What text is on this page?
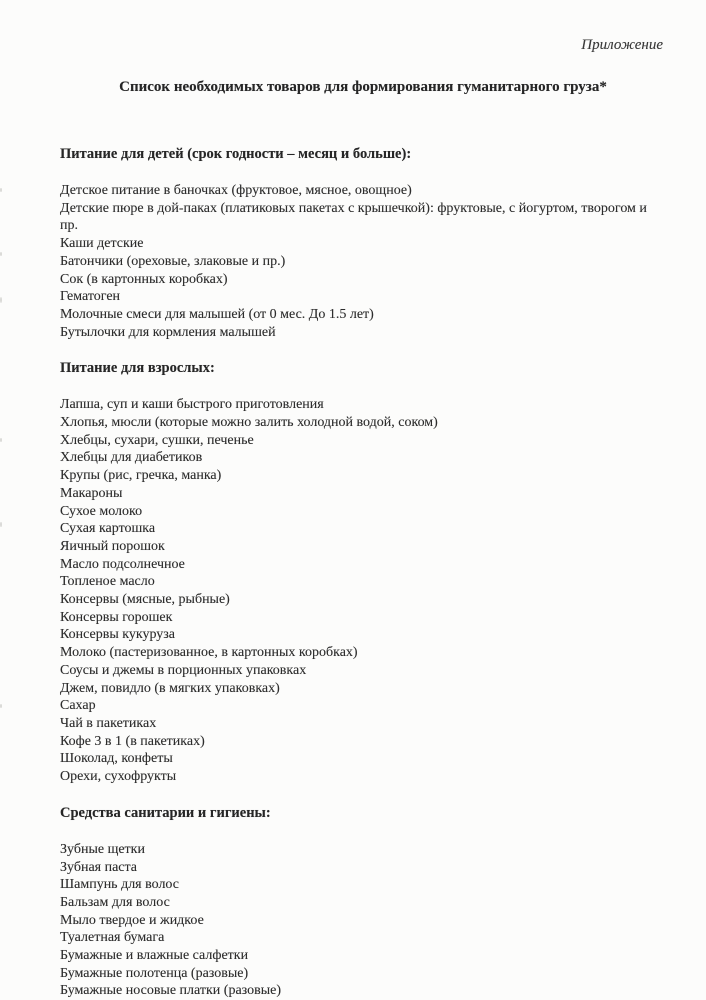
Приложение
Список необходимых товаров для формирования гуманитарного груза*
Питание для детей (срок годности – месяц и больше):
Детское питание в баночках (фруктовое, мясное, овощное)
Детские пюре в дой-паках (платиковых пакетах с крышечкой): фруктовые, с йогуртом, творогом и пр.
Каши детские
Батончики (ореховые, злаковые и пр.)
Сок (в картонных коробках)
Гематоген
Молочные смеси для малышей (от 0 мес. До 1.5 лет)
Бутылочки для кормления малышей
Питание для взрослых:
Лапша, суп и каши быстрого приготовления
Хлопья, мюсли (которые можно залить холодной водой, соком)
Хлебцы, сухари, сушки, печенье
Хлебцы для диабетиков
Крупы (рис, гречка, манка)
Макароны
Сухое молоко
Сухая картошка
Яичный порошок
Масло подсолнечное
Топленое масло
Консервы (мясные, рыбные)
Консервы горошек
Консервы кукуруза
Молоко (пастеризованное, в картонных коробках)
Соусы и джемы в порционных упаковках
Джем, повидло (в мягких упаковках)
Сахар
Чай в пакетиках
Кофе 3 в 1 (в пакетиках)
Шоколад, конфеты
Орехи, сухофрукты
Средства санитарии и гигиены:
Зубные щетки
Зубная паста
Шампунь для волос
Бальзам для волос
Мыло твердое и жидкое
Туалетная бумага
Бумажные и влажные салфетки
Бумажные полотенца (разовые)
Бумажные носовые платки (разовые)
